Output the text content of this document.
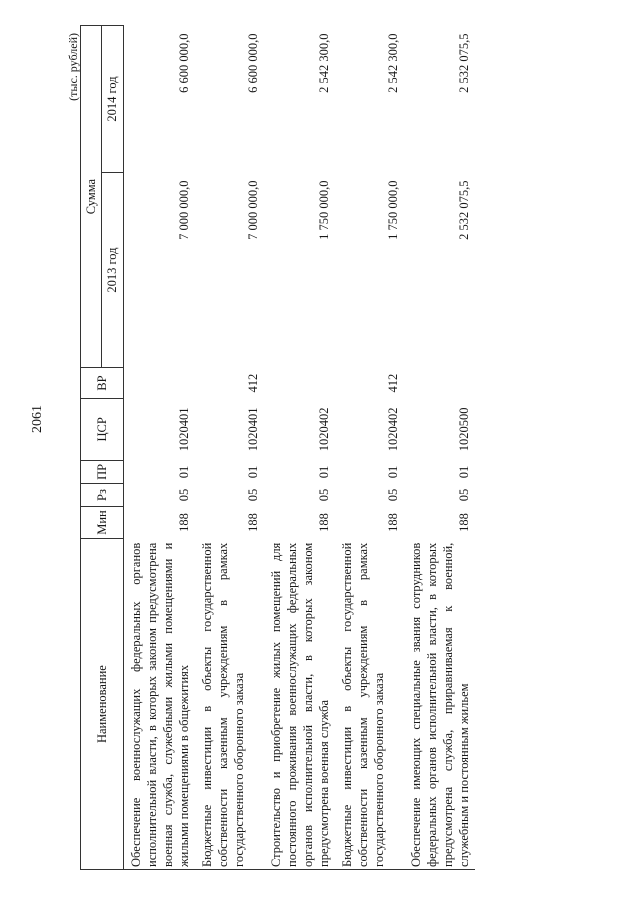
2061
(тыс. рублей)
Наименование	Мин	Рз	ПР	ЦСР	ВР	Сумма	
						2013 год	2014 год
Обеспечение военнослужащих федеральных органов исполнительной власти, в которых законом предусмотрена военная служба, служебными жилыми помещениями и жилыми помещениями в общежитиях	188	05	01	1020401		7 000 000,0	6 600 000,0
Бюджетные инвестиции в объекты государственной собственности казенным учреждениям в рамках государственного оборонного заказа	188	05	01	1020401	412	7 000 000,0	6 600 000,0
Строительство и приобретение жилых помещений для постоянного проживания военнослужащих федеральных органов исполнительной власти, в которых законом предусмотрена военная служба	188	05	01	1020402		1 750 000,0	2 542 300,0
Бюджетные инвестиции в объекты государственной собственности казенным учреждениям в рамках государственного оборонного заказа	188	05	01	1020402	412	1 750 000,0	2 542 300,0
Обеспечение имеющих специальные звания сотрудников федеральных органов исполнительной власти, в которых предусмотрена служба, приравниваемая к военной, служебным и постоянным жильем	188	05	01	1020500		2 532 075,5	2 532 075,5
